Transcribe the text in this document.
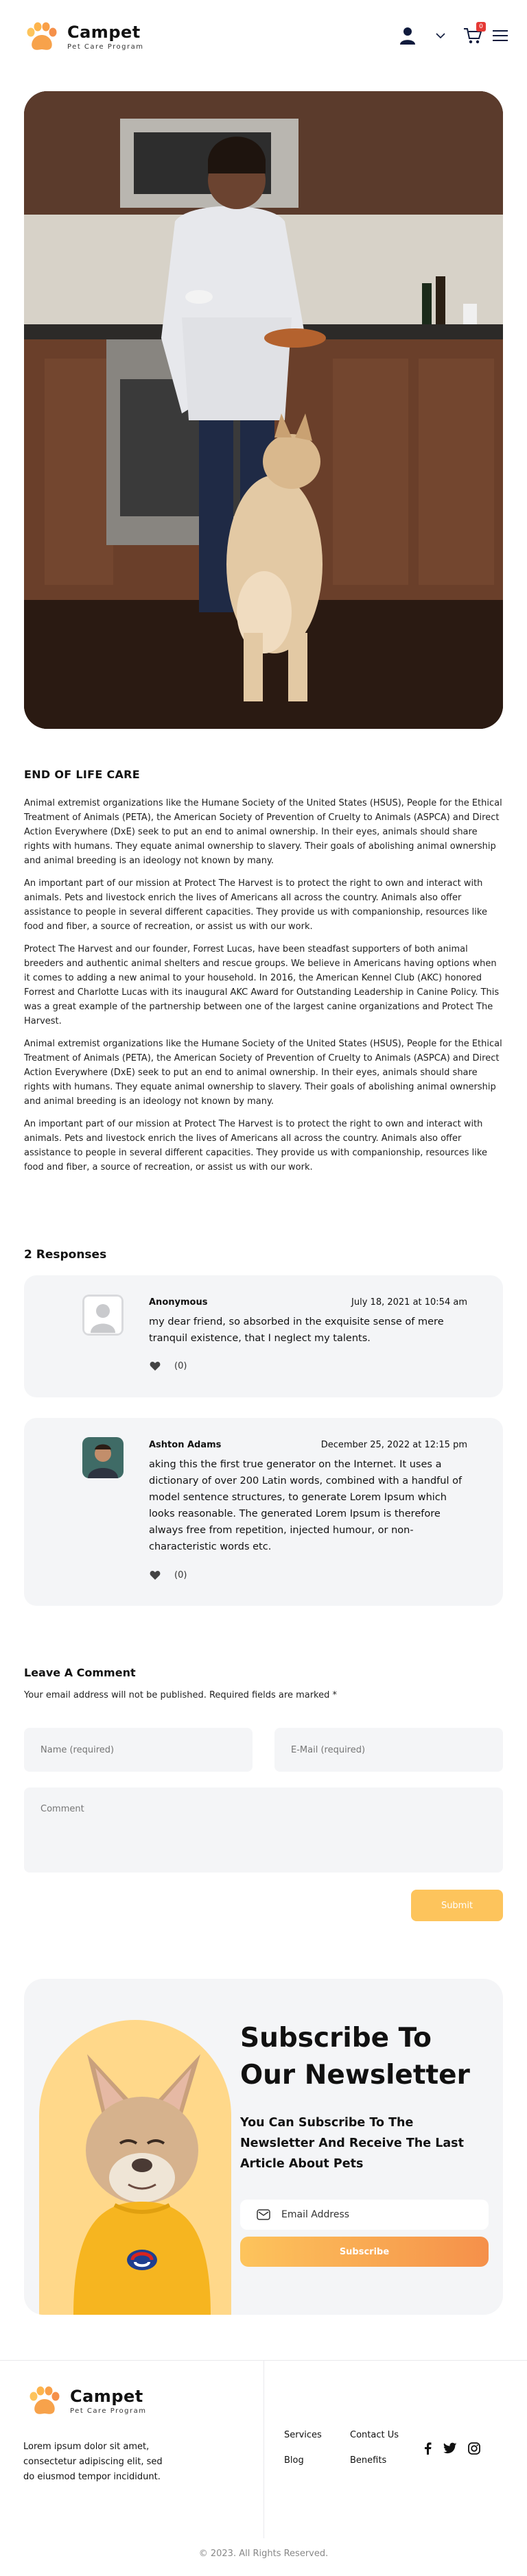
Campet
Pet Care Program
0
END OF LIFE CARE

Animal extremist organizations like the Humane Society of the United States (HSUS), People for the Ethical Treatment of Animals (PETA), the American Society of Prevention of Cruelty to Animals (ASPCA) and Direct Action Everywhere (DxE) seek to put an end to animal ownership. In their eyes, animals should share rights with humans. They equate animal ownership to slavery. Their goals of abolishing animal ownership and animal breeding is an ideology not known by many.

An important part of our mission at Protect The Harvest is to protect the right to own and interact with animals. Pets and livestock enrich the lives of Americans all across the country. Animals also offer assistance to people in several different capacities. They provide us with companionship, resources like food and fiber, a source of recreation, or assist us with our work.

Protect The Harvest and our founder, Forrest Lucas, have been steadfast supporters of both animal breeders and authentic animal shelters and rescue groups. We believe in Americans having options when it comes to adding a new animal to your household. In 2016, the American Kennel Club (AKC) honored Forrest and Charlotte Lucas with its inaugural AKC Award for Outstanding Leadership in Canine Policy. This was a great example of the partnership between one of the largest canine organizations and Protect The Harvest.

Animal extremist organizations like the Humane Society of the United States (HSUS), People for the Ethical Treatment of Animals (PETA), the American Society of Prevention of Cruelty to Animals (ASPCA) and Direct Action Everywhere (DxE) seek to put an end to animal ownership. In their eyes, animals should share rights with humans. They equate animal ownership to slavery. Their goals of abolishing animal ownership and animal breeding is an ideology not known by many.

An important part of our mission at Protect The Harvest is to protect the right to own and interact with animals. Pets and livestock enrich the lives of Americans all across the country. Animals also offer assistance to people in several different capacities. They provide us with companionship, resources like food and fiber, a source of recreation, or assist us with our work.

2 Responses
Anonymous	July 18, 2021 at 10:54 am
my dear friend, so absorbed in the exquisite sense of mere tranquil existence, that I neglect my talents.
(0)
Ashton Adams	December 25, 2022 at 12:15 pm
aking this the first true generator on the Internet. It uses a dictionary of over 200 Latin words, combined with a handful of model sentence structures, to generate Lorem Ipsum which looks reasonable. The generated Lorem Ipsum is therefore always free from repetition, injected humour, or non-characteristic words etc.
(0)
Leave A Comment
Your email address will not be published. Required fields are marked *
Name (required)
E-Mail (required)
Comment
Submit
Subscribe To Our Newsletter
You Can Subscribe To The Newsletter And Receive The Last Article About Pets
Email Address
Subscribe
Campet
Pet Care Program
Lorem ipsum dolor sit amet, consectetur adipiscing elit, sed do eiusmod tempor incididunt.
Services	Contact Us
Blog	Benefits
© 2023. All Rights Reserved.
